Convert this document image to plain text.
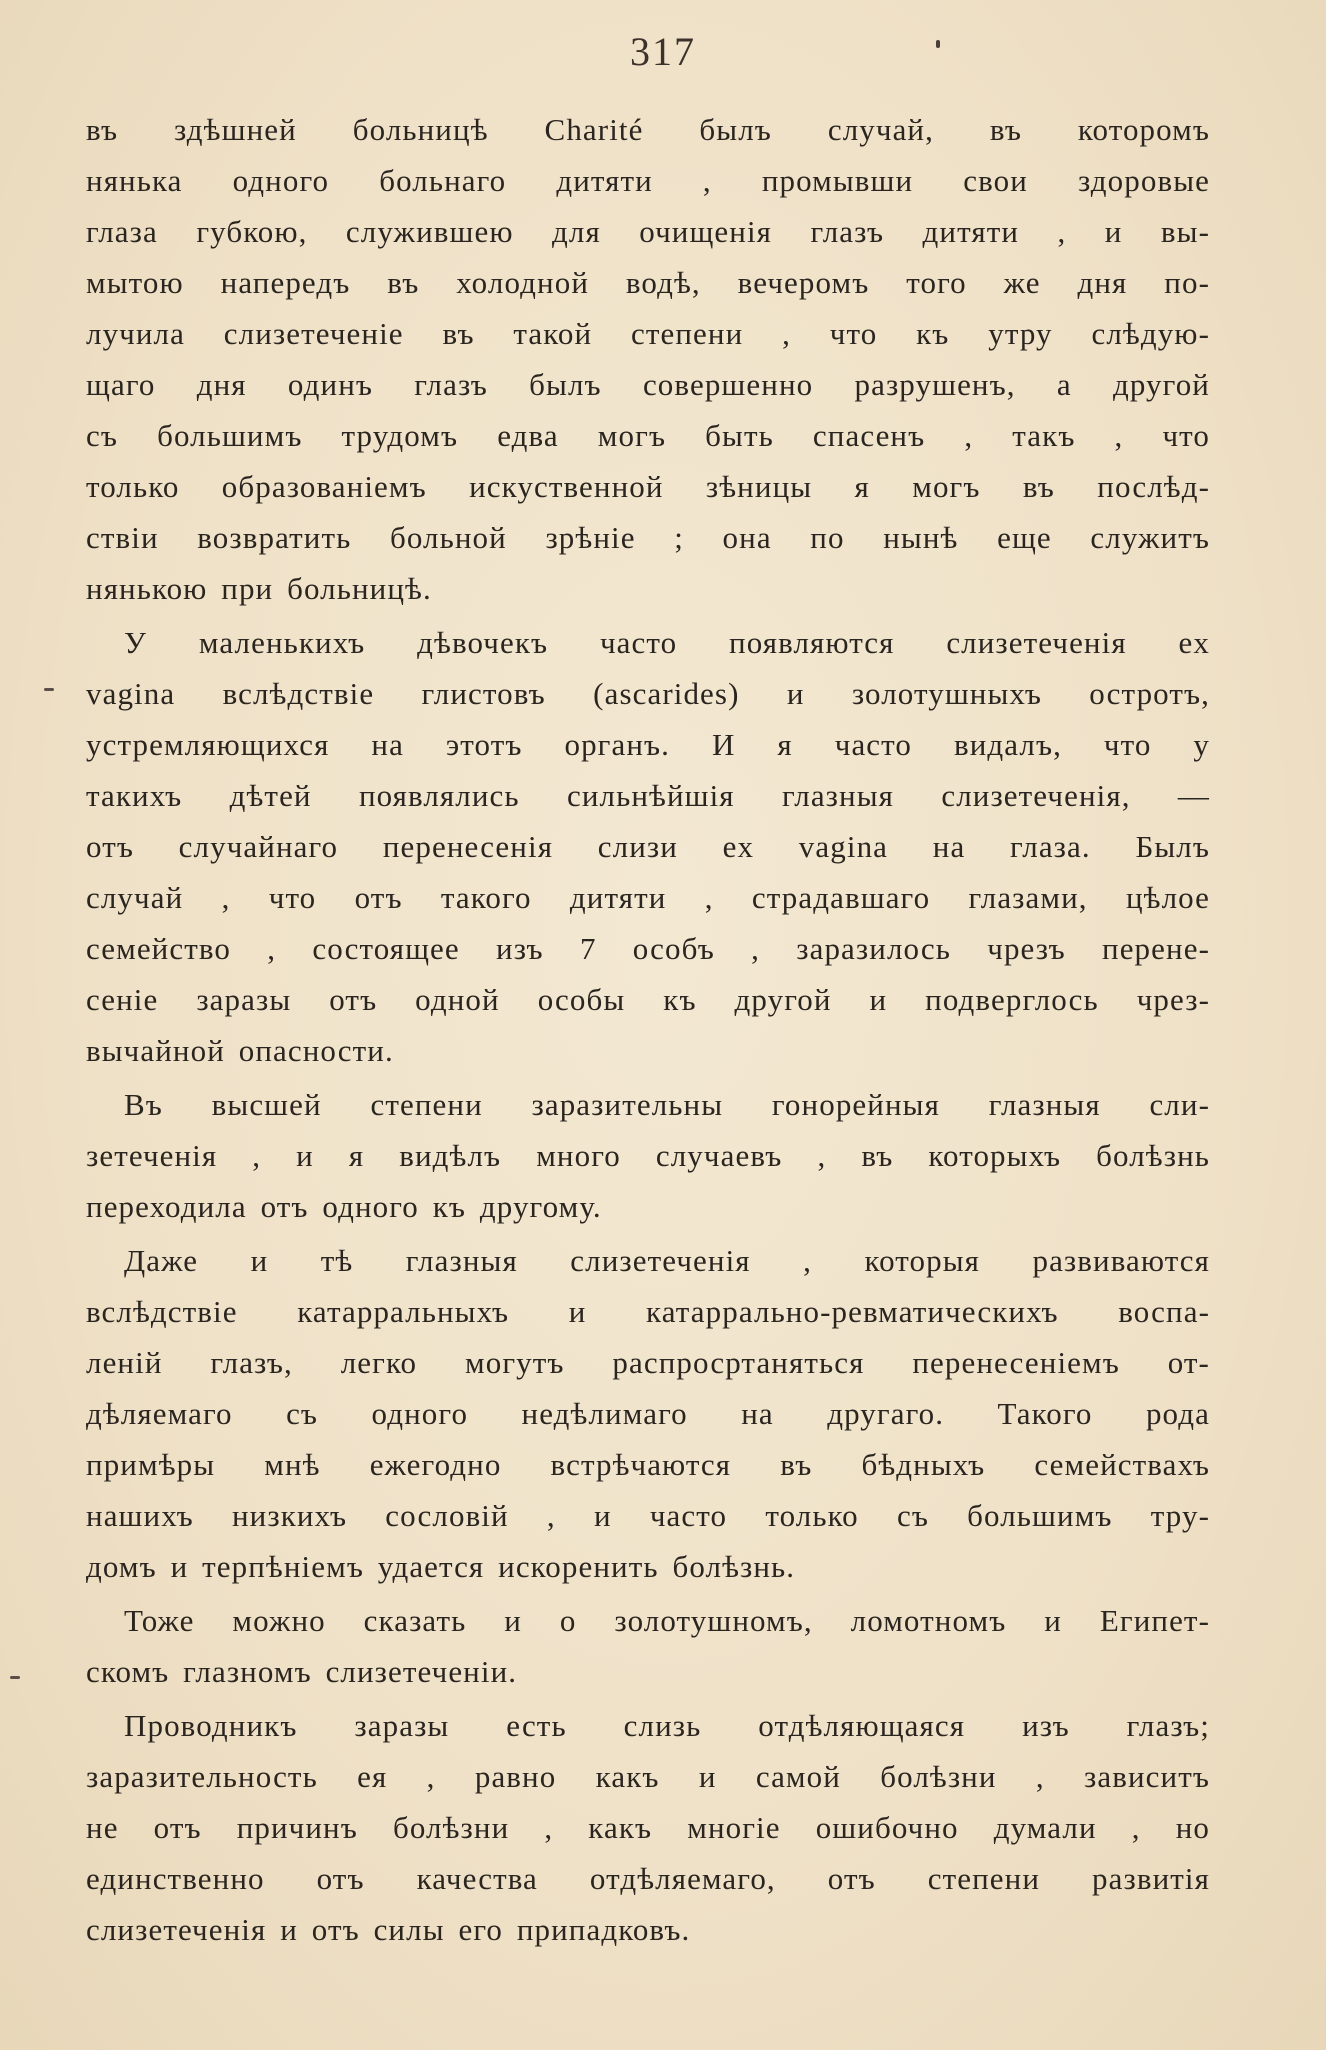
317
въ здѣшней больницѣ Charité былъ случай, въ которомъ
нянька одного больнаго дитяти , промывши свои здоровые
глаза губкою, служившею для очищенія глазъ дитяти , и вы-
мытою напередъ въ холодной водѣ, вечеромъ того же дня по-
лучила слизетеченіе въ такой степени , что къ утру слѣдую-
щаго дня одинъ глазъ былъ совершенно разрушенъ, а другой
съ большимъ трудомъ едва могъ быть спасенъ , такъ , что
только образованіемъ искуственной зѣницы я могъ въ послѣд-
ствіи возвратить больной зрѣніе ; она по нынѣ еще служитъ
нянькою при больницѣ.
У маленькихъ дѣвочекъ часто появляются слизетеченія ex
vagina вслѣдствіе глистовъ (ascarides) и золотушныхъ остротъ,
устремляющихся на этотъ органъ. И я часто видалъ, что у
такихъ дѣтей появлялись сильнѣйшія глазныя слизетеченія, —
отъ случайнаго перенесенія слизи ex vagina на глаза. Былъ
случай , что отъ такого дитяти , страдавшаго глазами, цѣлое
семейство , состоящее изъ 7 особъ , заразилось чрезъ перене-
сеніе заразы отъ одной особы къ другой и подверглось чрез-
вычайной опасности.
Въ высшей степени заразительны гонорейныя глазныя сли-
зетеченія , и я видѣлъ много случаевъ , въ которыхъ болѣзнь
переходила отъ одного къ другому.
Даже и тѣ глазныя слизетеченія , которыя развиваются
вслѣдствіе катарральныхъ и катаррально-ревматическихъ воспа-
леній глазъ, легко могутъ распросртаняться перенесеніемъ от-
дѣляемаго съ одного недѣлимаго на другаго. Такого рода
примѣры мнѣ ежегодно встрѣчаются въ бѣдныхъ семействахъ
нашихъ низкихъ сословій , и часто только съ большимъ тру-
домъ и терпѣніемъ удается искоренить болѣзнь.
Тоже можно сказать и о золотушномъ, ломотномъ и Египет-
скомъ глазномъ слизетеченіи.
Проводникъ заразы есть слизь отдѣляющаяся изъ глазъ;
заразительность ея , равно какъ и самой болѣзни , зависитъ
не отъ причинъ болѣзни , какъ многіе ошибочно думали , но
единственно отъ качества отдѣляемаго, отъ степени развитія
слизетеченія и отъ силы его припадковъ.
